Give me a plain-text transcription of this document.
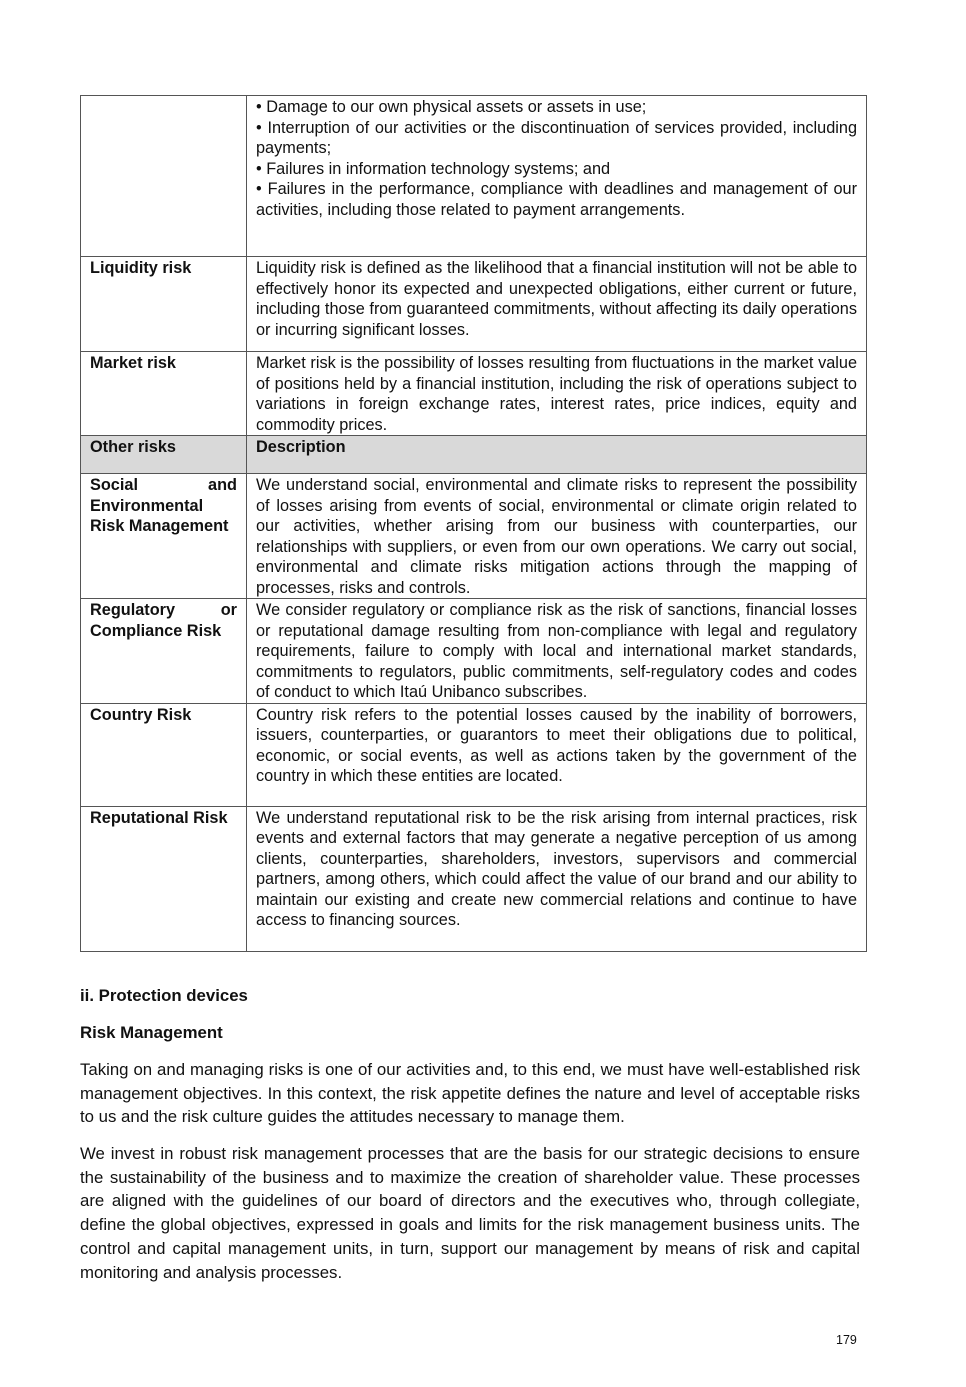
	• Damage to our own physical assets or assets in use;
• Interruption of our activities or the discontinuation of services provided, including payments;
• Failures in information technology systems; and
• Failures in the performance, compliance with deadlines and management of our activities, including those related to payment arrangements.

Liquidity risk	Liquidity risk is defined as the likelihood that a financial institution will not be able to effectively honor its expected and unexpected obligations, either current or future, including those from guaranteed commitments, without affecting its daily operations or incurring significant losses.
Market risk	Market risk is the possibility of losses resulting from fluctuations in the market value of positions held by a financial institution, including the risk of operations subject to variations in foreign exchange rates, interest rates, price indices, equity and commodity prices.
Other risks	Description
Social and Environmental Risk Management	We understand social, environmental and climate risks to represent the possibility of losses arising from events of social, environmental or climate origin related to our activities, whether arising from our business with counterparties, our relationships with suppliers, or even from our own operations. We carry out social, environmental and climate risks mitigation actions through the mapping of processes, risks and controls.
Regulatory or Compliance Risk	We consider regulatory or compliance risk as the risk of sanctions, financial losses or reputational damage resulting from non-compliance with legal and regulatory requirements, failure to comply with local and international market standards, commitments to regulators, public commitments, self-regulatory codes and codes of conduct to which Itaú Unibanco subscribes.
Country Risk	Country risk refers to the potential losses caused by the inability of borrowers, issuers, counterparties, or guarantors to meet their obligations due to political, economic, or social events, as well as actions taken by the government of the country in which these entities are located.
Reputational Risk	We understand reputational risk to be the risk arising from internal practices, risk events and external factors that may generate a negative perception of us among clients, counterparties, shareholders, investors, supervisors and commercial partners, among others, which could affect the value of our brand and our ability to maintain our existing and create new commercial relations and continue to have access to financing sources.
ii. Protection devices
Risk Management
Taking on and managing risks is one of our activities and, to this end, we must have well-established risk management objectives. In this context, the risk appetite defines the nature and level of acceptable risks to us and the risk culture guides the attitudes necessary to manage them.
We invest in robust risk management processes that are the basis for our strategic decisions to ensure the sustainability of the business and to maximize the creation of shareholder value. These processes are aligned with the guidelines of our board of directors and the executives who, through collegiate, define the global objectives, expressed in goals and limits for the risk management business units. The control and capital management units, in turn, support our management by means of risk and capital monitoring and analysis processes.
179
